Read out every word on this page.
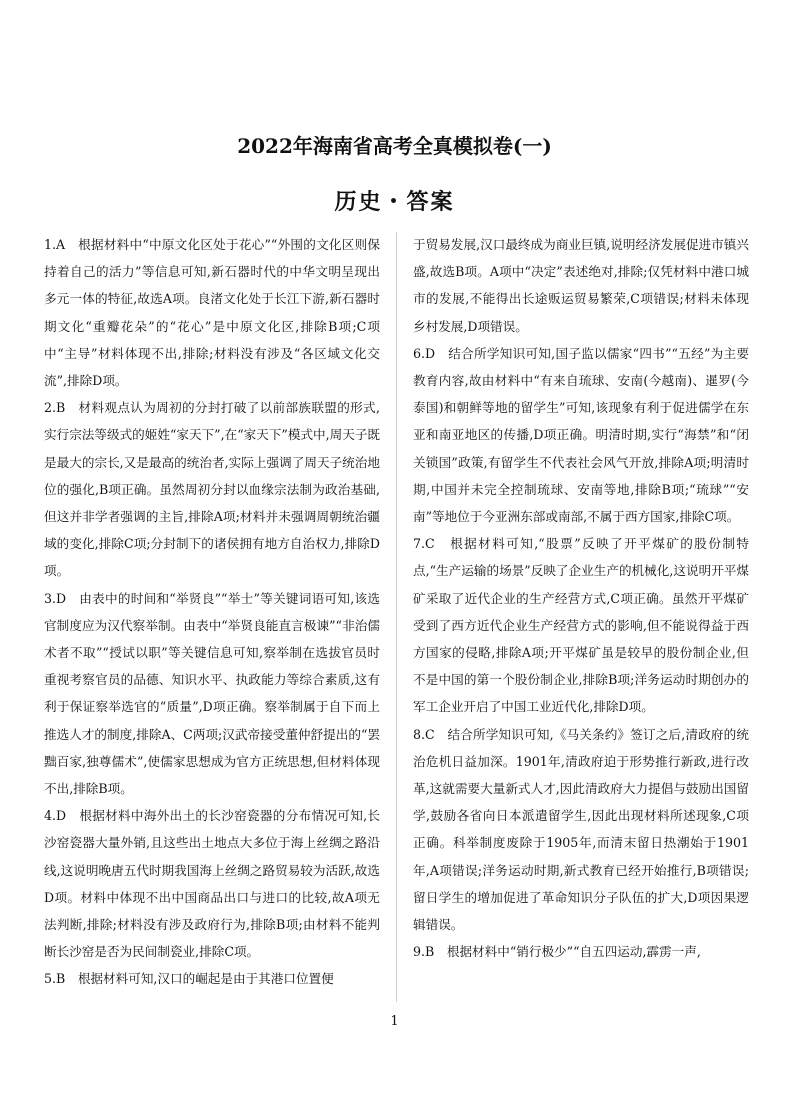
2022年海南省高考全真模拟卷(一)
历史・答案

1.A　根据材料中“中原文化区处于花心”“外围的文化区则保持着自己的活力”等信息可知,新石器时代的中华文明呈现出多元一体的特征,故选A项。良渚文化处于长江下游,新石器时期文化“重瓣花朵”的“花心”是中原文化区,排除B项;C项中“主导”材料体现不出,排除;材料没有涉及“各区域文化交流”,排除D项。

2.B　材料观点认为周初的分封打破了以前部族联盟的形式,实行宗法等级式的姬姓“家天下”,在“家天下”模式中,周天子既是最大的宗长,又是最高的统治者,实际上强调了周天子统治地位的强化,B项正确。虽然周初分封以血缘宗法制为政治基础,但这并非学者强调的主旨,排除A项;材料并未强调周朝统治疆域的变化,排除C项;分封制下的诸侯拥有地方自治权力,排除D项。

3.D　由表中的时间和“举贤良”“举士”等关键词语可知,该选官制度应为汉代察举制。由表中“举贤良能直言极谏”“非治儒术者不取”“授试以职”等关键信息可知,察举制在选拔官员时重视考察官员的品德、知识水平、执政能力等综合素质,这有利于保证察举选官的“质量”,D项正确。察举制属于自下而上推选人才的制度,排除A、C两项;汉武帝接受董仲舒提出的“罢黜百家,独尊儒术”,使儒家思想成为官方正统思想,但材料体现不出,排除B项。

4.D　根据材料中海外出土的长沙窑瓷器的分布情况可知,长沙窑瓷器大量外销,且这些出土地点大多位于海上丝绸之路沿线,这说明晚唐五代时期我国海上丝绸之路贸易较为活跃,故选D项。材料中体现不出中国商品出口与进口的比较,故A项无法判断,排除;材料没有涉及政府行为,排除B项;由材料不能判断长沙窑是否为民间制瓷业,排除C项。

5.B　根据材料可知,汉口的崛起是由于其港口位置便

于贸易发展,汉口最终成为商业巨镇,说明经济发展促进市镇兴盛,故选B项。A项中“决定”表述绝对,排除;仅凭材料中港口城市的发展,不能得出长途贩运贸易繁荣,C项错误;材料未体现乡村发展,D项错误。

6.D　结合所学知识可知,国子监以儒家“四书”“五经”为主要教育内容,故由材料中“有来自琉球、安南(今越南)、暹罗(今泰国)和朝鲜等地的留学生”可知,该现象有利于促进儒学在东亚和南亚地区的传播,D项正确。明清时期,实行“海禁”和“闭关锁国”政策,有留学生不代表社会风气开放,排除A项;明清时期,中国并未完全控制琉球、安南等地,排除B项;“琉球”“安南”等地位于今亚洲东部或南部,不属于西方国家,排除C项。

7.C　根据材料可知,“股票”反映了开平煤矿的股份制特点,“生产运输的场景”反映了企业生产的机械化,这说明开平煤矿采取了近代企业的生产经营方式,C项正确。虽然开平煤矿受到了西方近代企业生产经营方式的影响,但不能说得益于西方国家的侵略,排除A项;开平煤矿虽是较早的股份制企业,但不是中国的第一个股份制企业,排除B项;洋务运动时期创办的军工企业开启了中国工业近代化,排除D项。

8.C　结合所学知识可知,《马关条约》签订之后,清政府的统治危机日益加深。1901年,清政府迫于形势推行新政,进行改革,这就需要大量新式人才,因此清政府大力提倡与鼓励出国留学,鼓励各省向日本派遣留学生,因此出现材料所述现象,C项正确。科举制度废除于1905年,而清末留日热潮始于1901年,A项错误;洋务运动时期,新式教育已经开始推行,B项错误;留日学生的增加促进了革命知识分子队伍的扩大,D项因果逻辑错误。

9.B　根据材料中“销行极少”“自五四运动,霹雳一声,

1
